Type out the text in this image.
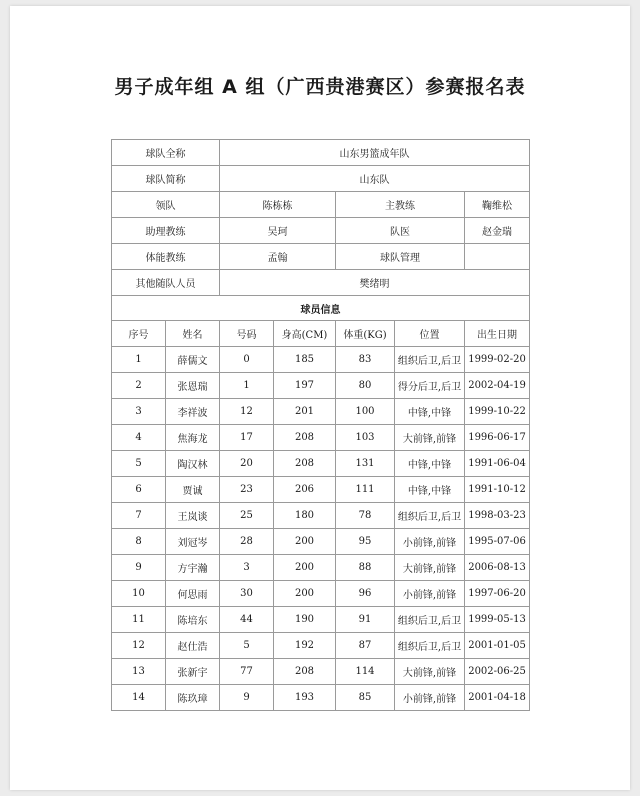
男子成年组 A 组（广西贵港赛区）参赛报名表
球队全称		山东男篮成年队				
球队简称		山东队				
领队		陈栋栋		主教练		鞠维松
助理教练		吴珂		队医		赵金瑞
体能教练		孟翰		球队管理		
其他随队人员		樊绪明				
球员信息						
序号	姓名	号码	身高(CM)	体重(KG)	位置	出生日期
1	薛儒文	0	185	83	组织后卫,后卫	1999-02-20
2	张恩瑞	1	197	80	得分后卫,后卫	2002-04-19
3	李祥波	12	201	100	中锋,中锋	1999-10-22
4	焦海龙	17	208	103	大前锋,前锋	1996-06-17
5	陶汉林	20	208	131	中锋,中锋	1991-06-04
6	贾诚	23	206	111	中锋,中锋	1991-10-12
7	王岚谈	25	180	78	组织后卫,后卫	1998-03-23
8	刘冠岑	28	200	95	小前锋,前锋	1995-07-06
9	方宇瀚	3	200	88	大前锋,前锋	2006-08-13
10	何思雨	30	200	96	小前锋,前锋	1997-06-20
11	陈培东	44	190	91	组织后卫,后卫	1999-05-13
12	赵仕浩	5	192	87	组织后卫,后卫	2001-01-05
13	张新宇	77	208	114	大前锋,前锋	2002-06-25
14	陈玖璋	9	193	85	小前锋,前锋	2001-04-18
